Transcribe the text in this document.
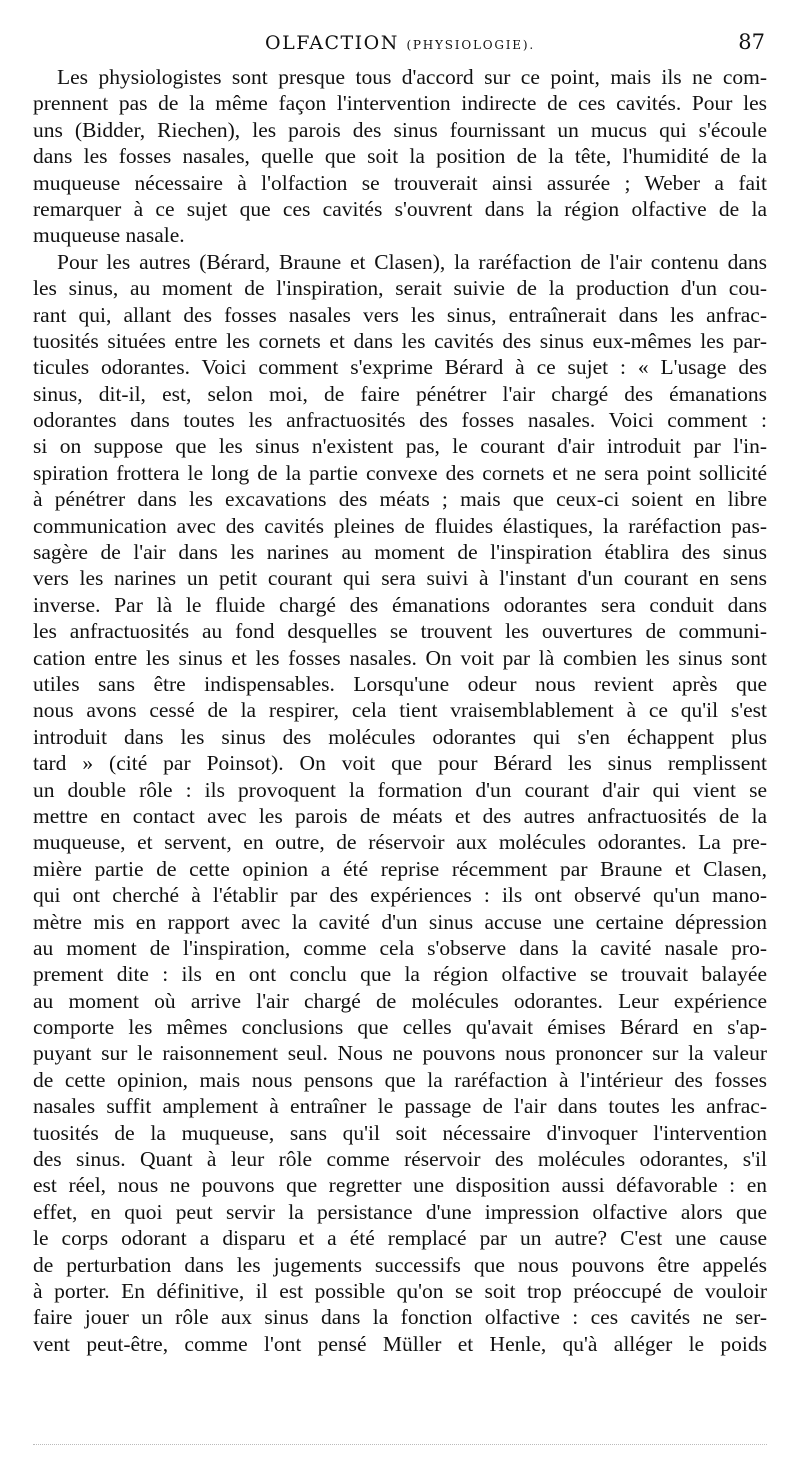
OLFACTION (PHYSIOLOGIE).	87
Les physiologistes sont presque tous d'accord sur ce point, mais ils ne com-
prennent pas de la même façon l'intervention indirecte de ces cavités. Pour les
uns (Bidder, Riechen), les parois des sinus fournissant un mucus qui s'écoule
dans les fosses nasales, quelle que soit la position de la tête, l'humidité de la
muqueuse nécessaire à l'olfaction se trouverait ainsi assurée ; Weber a fait
remarquer à ce sujet que ces cavités s'ouvrent dans la région olfactive de la
muqueuse nasale.
Pour les autres (Bérard, Braune et Clasen), la raréfaction de l'air contenu dans
les sinus, au moment de l'inspiration, serait suivie de la production d'un cou-
rant qui, allant des fosses nasales vers les sinus, entraînerait dans les anfrac-
tuosités situées entre les cornets et dans les cavités des sinus eux-mêmes les par-
ticules odorantes. Voici comment s'exprime Bérard à ce sujet : « L'usage des
sinus, dit-il, est, selon moi, de faire pénétrer l'air chargé des émanations
odorantes dans toutes les anfractuosités des fosses nasales. Voici comment :
si on suppose que les sinus n'existent pas, le courant d'air introduit par l'in-
spiration frottera le long de la partie convexe des cornets et ne sera point sollicité
à pénétrer dans les excavations des méats ; mais que ceux-ci soient en libre
communication avec des cavités pleines de fluides élastiques, la raréfaction pas-
sagère de l'air dans les narines au moment de l'inspiration établira des sinus
vers les narines un petit courant qui sera suivi à l'instant d'un courant en sens
inverse. Par là le fluide chargé des émanations odorantes sera conduit dans
les anfractuosités au fond desquelles se trouvent les ouvertures de communi-
cation entre les sinus et les fosses nasales. On voit par là combien les sinus sont
utiles sans être indispensables. Lorsqu'une odeur nous revient après que
nous avons cessé de la respirer, cela tient vraisemblablement à ce qu'il s'est
introduit dans les sinus des molécules odorantes qui s'en échappent plus
tard » (cité par Poinsot). On voit que pour Bérard les sinus remplissent
un double rôle : ils provoquent la formation d'un courant d'air qui vient se
mettre en contact avec les parois de méats et des autres anfractuosités de la
muqueuse, et servent, en outre, de réservoir aux molécules odorantes. La pre-
mière partie de cette opinion a été reprise récemment par Braune et Clasen,
qui ont cherché à l'établir par des expériences : ils ont observé qu'un mano-
mètre mis en rapport avec la cavité d'un sinus accuse une certaine dépression
au moment de l'inspiration, comme cela s'observe dans la cavité nasale pro-
prement dite : ils en ont conclu que la région olfactive se trouvait balayée
au moment où arrive l'air chargé de molécules odorantes. Leur expérience
comporte les mêmes conclusions que celles qu'avait émises Bérard en s'ap-
puyant sur le raisonnement seul. Nous ne pouvons nous prononcer sur la valeur
de cette opinion, mais nous pensons que la raréfaction à l'intérieur des fosses
nasales suffit amplement à entraîner le passage de l'air dans toutes les anfrac-
tuosités de la muqueuse, sans qu'il soit nécessaire d'invoquer l'intervention
des sinus. Quant à leur rôle comme réservoir des molécules odorantes, s'il
est réel, nous ne pouvons que regretter une disposition aussi défavorable : en
effet, en quoi peut servir la persistance d'une impression olfactive alors que
le corps odorant a disparu et a été remplacé par un autre? C'est une cause
de perturbation dans les jugements successifs que nous pouvons être appelés
à porter. En définitive, il est possible qu'on se soit trop préoccupé de vouloir
faire jouer un rôle aux sinus dans la fonction olfactive : ces cavités ne ser-
vent peut-être, comme l'ont pensé Müller et Henle, qu'à alléger le poids
